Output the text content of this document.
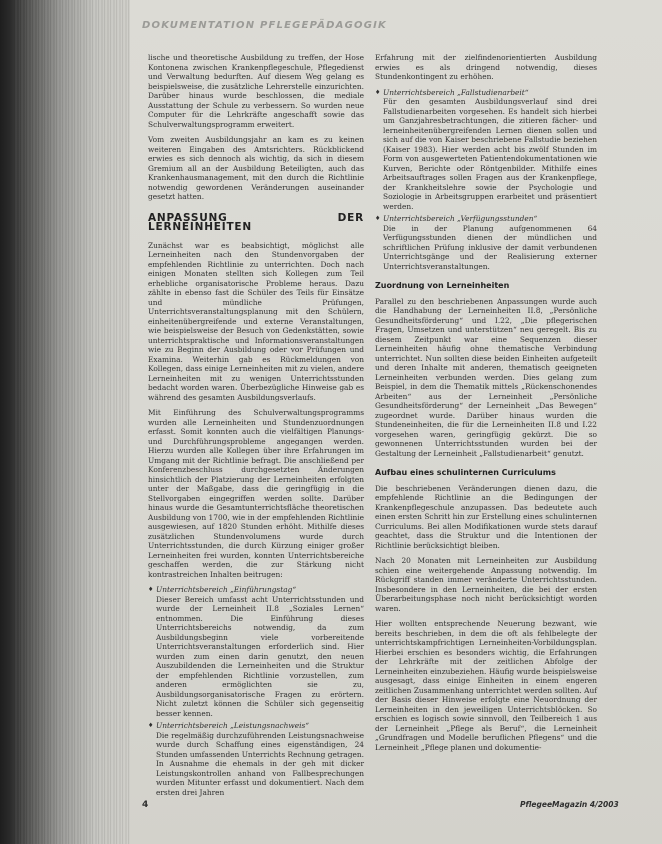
DOKUMENTATION PFLEGEPÄDAGOGIK

lische und theoretische Ausbildung zu treffen, der Hose Kontonena zwischen Krankenpflegeschule, Pflegedienst und Verwaltung bedurften. Auf diesem Weg gelang es beispielsweise, die zusätzliche Lehrerstelle einzurichten. Darüber hinaus wurde beschlossen, die mediale Ausstattung der Schule zu verbessern. So wurden neue Computer für die Lehrkräfte angeschafft sowie das Schulverwaltungsprogramm erweitert.

Vom zweiten Ausbildungsjahr an kam es zu keinen weiteren Eingaben des Amtsrichters. Rückblickend erwies es sich dennoch als wichtig, da sich in diesem Gremium all an der Ausbildung Beteiligten, auch das Krankenhausmanagement, mit den durch die Richtlinie notwendig gewordenen Veränderungen auseinander gesetzt hatten.

ANPASSUNG DER LERNEINHEITEN

Zunächst war es beabsichtigt, möglichst alle Lerneinheiten nach den Stundenvorgaben der empfehlenden Richtlinie zu unterrichten. Doch nach einigen Monaten stellten sich Kollegen zum Teil erhebliche organisatorische Probleme heraus. Dazu zählte in ebenso fast die Schüler des Teils für Einsätze und mündliche Prüfungen, Unterrichtsveranstaltungsplanung mit den Schülern, einheitenübergreifende und externe Veranstaltungen, wie beispielsweise der Besuch von Gedenkstätten, sowie unterrichtspraktische und Informationsveranstaltungen wie zu Beginn der Ausbildung oder vor Prüfungen und Examina. Weiterhin gab es Rückmeldungen von Kollegen, dass einige Lerneinheiten mit zu vielen, andere Lerneinheiten mit zu wenigen Unterrichtsstunden bedacht worden waren. Überbezügliche Hinweise gab es während des gesamten Ausbildungsverlaufs.

Mit Einführung des Schulverwaltungsprogramms wurden alle Lerneinheiten und Stundenzuordnungen erfasst. Somit konnten auch die vielfältigen Planungs- und Durchführungsprobleme angegangen werden. Hierzu wurden alle Kollegen über ihre Erfahrungen im Umgang mit der Richtlinie befragt. Die anschließend per Konferenzbeschluss durchgesetzten Änderungen hinsichtlich der Platzierung der Lerneinheiten erfolgten unter der Maßgabe, dass die geringfügig in die Stellvorgaben eingegriffen werden sollte. Darüber hinaus wurde die Gesamtunterrichtsfläche theoretischen Ausbildung von 1700, wie in der empfehlenden Richtlinie ausgewiesen, auf 1820 Stunden erhöht. Mithilfe dieses zusätzlichen Stundenvolumens wurde durch Unterrichtsstunden, die durch Kürzung einiger großer Lerneinheiten frei wurden, konnten Unterrichtsbereiche geschaffen werden, die zur Stärkung nicht kontrastreichen Inhalten beitrugen:

♦ Unterrichtsbereich „Einführungstag“
Dieser Bereich umfasst acht Unterrichtsstunden und wurde der Lerneinheit II.8 „Soziales Lernen“ entnommen. Die Einführung dieses Unterrichtsbereichs notwendig, da zum Ausbildungsbeginn viele vorbereitende Unterrichtsveranstaltungen erforderlich sind. Hier wurden zum einen darin genutzt, den neuen Auszubildenden die Lerneinheiten und die Struktur der empfehlenden Richtlinie vorzustellen, zum anderen ermöglichten sie zu, Ausbildungsorganisatorische Fragen zu erörtern. Nicht zuletzt können die Schüler sich gegenseitig besser kennen.
♦ Unterrichtsbereich „Leistungsnachweis“
Die regelmäßig durchzuführenden Leistungsnachweise wurde durch Schaffung eines eigenständigen, 24 Stunden umfassenden Unterrichts Rechnung getragen. In Ausnahme die ehemals in der geh mit dicker Leistungskontrollen anhand von Fallbesprechungen wurden Mitunter erfasst und dokumentiert. Nach dem ersten drei Jahren

Erfahrung mit der zielfindenorientierten Ausbildung erwies es als dringend notwendig, dieses Stundenkontingent zu erhöhen.

♦ Unterrichtsbereich „Fallstudienarbeit“
Für den gesamten Ausbildungsverlauf sind drei Fallstudienarbeiten vorgesehen. Es handelt sich hierbei um Ganzjahresbetrachtungen, die zitieren fächer- und lerneinheitenübergreifenden Lernen dienen sollen und sich auf die von Kaiser beschriebene Fallstudie beziehen (Kaiser 1983). Hier werden acht bis zwölf Stunden im Form von ausgewerteten Patientendokumentationen wie Kurven, Berichte oder Röntgenbilder. Mithilfe eines Arbeitsauftrages sollen Fragen aus der Krankenpflege, der Krankheitslehre sowie der Psychologie und Soziologie in Arbeitsgruppen erarbeitet und präsentiert werden.
♦ Unterrichtsbereich „Verfügungsstunden“
Die in der Planung aufgenommenen 64 Verfügungsstunden dienen der mündlichen und schriftlichen Prüfung inklusive der damit verbundenen Unterrichtsgänge und der Realisierung externer Unterrichtsveranstaltungen.
Zuordnung von Lerneinheiten

Parallel zu den beschriebenen Anpassungen wurde auch die Handhabung der Lerneinheiten II.8, „Persönliche Gesundheitsförderung“ und I.22, „Die pflegerischen Fragen, Umsetzen und unterstützen“ neu geregelt. Bis zu diesem Zeitpunkt war eine Sequenzen dieser Lerneinheiten häufig ohne thematische Verbindung unterrichtet. Nun sollten diese beiden Einheiten aufgeteilt und deren Inhalte mit anderen, thematisch geeigneten Lerneinheiten verbunden werden. Dies gelang zum Beispiel, in dem die Thematik mittels „Rückenschonendes Arbeiten“ aus der Lerneinheit „Persönliche Gesundheitsförderung“ der Lerneinheit „Das Bewegen“ zugeordnet wurde. Darüber hinaus wurden die Stundeneinheiten, die für die Lerneinheiten II.8 und I.22 vorgesehen waren, geringfügig gekürzt. Die so gewonnenen Unterrichtsstunden wurden bei der Gestaltung der Lerneinheit „Fallstudienarbeit“ genutzt.

Aufbau eines schulinternen Curriculums

Die beschriebenen Veränderungen dienen dazu, die empfehlende Richtlinie an die Bedingungen der Krankenpflegeschule anzupassen. Das bedeutete auch einen ersten Schritt hin zur Erstellung eines schulinternen Curriculums. Bei allen Modifikationen wurde stets darauf geachtet, dass die Struktur und die Intentionen der Richtlinie berücksichtigt bleiben.

Nach 20 Monaten mit Lerneinheiten zur Ausbildung schien eine weitergehende Anpassung notwendig. Im Rückgriff standen immer veränderte Unterrichtsstunden. Insbesondere in den Lerneinheiten, die bei der ersten Überarbeitungsphase noch nicht berücksichtigt worden waren.

Hier wollten entsprechende Neuerung bezwant, wie bereits beschrieben, in dem die oft als fehlbelegte der unterrichtskampfrichtigen Lerneinheiten-Vorbildungsplan. Hierbei erschien es besonders wichtig, die Erfahrungen der Lehrkräfte mit der zeitlichen Abfolge der Lerneinheiten einzubeziehen. Häufig wurde beispielsweise ausgesagt, dass einige Einheiten in einem engeren zeitlichen Zusammenhang unterrichtet werden sollten. Auf der Basis dieser Hinweise erfolgte eine Neuordnung der Lerneinheiten in den jeweiligen Unterrichtsblöcken. So erschien es logisch sowie sinnvoll, den Teilbereich 1 aus der Lerneinheit „Pflege als Beruf“, die Lerneinheit „Grundfragen und Modelle beruflichen Pflegens“ und die Lerneinheit „Pflege planen und dokumentie-

4	PflegeeMagazin 4/2003
